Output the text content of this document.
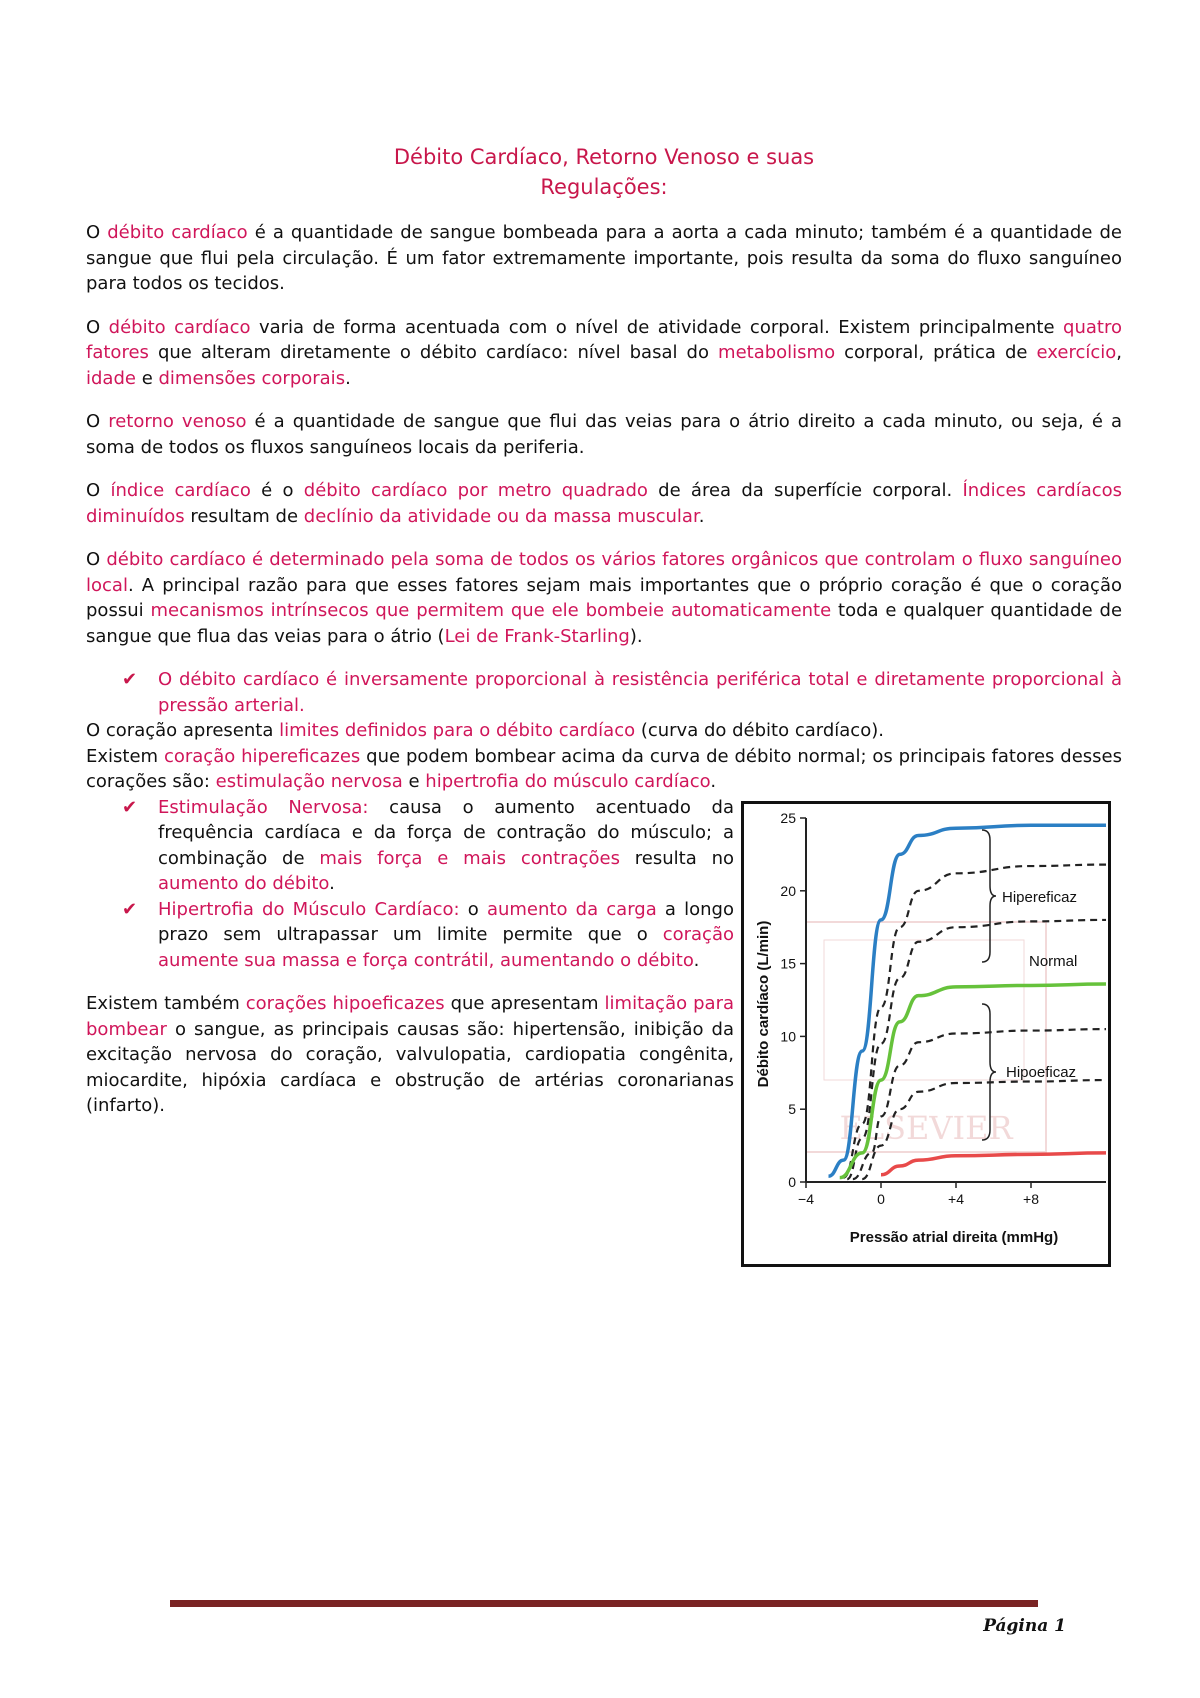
Débito Cardíaco, Retorno Venoso e suas
Regulações:

O débito cardíaco é a quantidade de sangue bombeada para a aorta a cada minuto; também é a quantidade de sangue que flui pela circulação. É um fator extremamente importante, pois resulta da soma do fluxo sanguíneo para todos os tecidos.

O débito cardíaco varia de forma acentuada com o nível de atividade corporal. Existem principalmente quatro fatores que alteram diretamente o débito cardíaco: nível basal do metabolismo corporal, prática de exercício, idade e dimensões corporais.

O retorno venoso é a quantidade de sangue que flui das veias para o átrio direito a cada minuto, ou seja, é a soma de todos os fluxos sanguíneos locais da periferia.

O índice cardíaco é o débito cardíaco por metro quadrado de área da superfície corporal. Índices cardíacos diminuídos resultam de declínio da atividade ou da massa muscular.

O débito cardíaco é determinado pela soma de todos os vários fatores orgânicos que controlam o fluxo sanguíneo local. A principal razão para que esses fatores sejam mais importantes que o próprio coração é que o coração possui mecanismos intrínsecos que permitem que ele bombeie automaticamente toda e qualquer quantidade de sangue que flua das veias para o átrio (Lei de Frank-Starling).

✔ O débito cardíaco é inversamente proporcional à resistência periférica total e diretamente proporcional à pressão arterial.

O coração apresenta limites definidos para o débito cardíaco (curva do débito cardíaco).

Existem coração hipereficazes que podem bombear acima da curva de débito normal; os principais fatores desses corações são: estimulação nervosa e hipertrofia do músculo cardíaco.

✔ Estimulação Nervosa: causa o aumento acentuado da frequência cardíaca e da força de contração do músculo; a combinação de mais força e mais contrações resulta no aumento do débito.
✔ Hipertrofia do Músculo Cardíaco: o aumento da carga a longo prazo sem ultrapassar um limite permite que o coração aumente sua massa e força contrátil, aumentando o débito.

Existem também corações hipoeficazes que apresentam limitação para bombear o sangue, as principais causas são: hipertensão, inibição da excitação nervosa do coração, valvulopatia, cardiopatia congênita, miocardite, hipóxia cardíaca e obstrução de artérias coronarianas (infarto).

ELSEVIER
0
5
10
15
20
25
−4	0	+4	+8
Hipereficaz
Normal
Hipoeficaz
Débito cardíaco (L/min)
Pressão atrial direita (mmHg)
Página 1
